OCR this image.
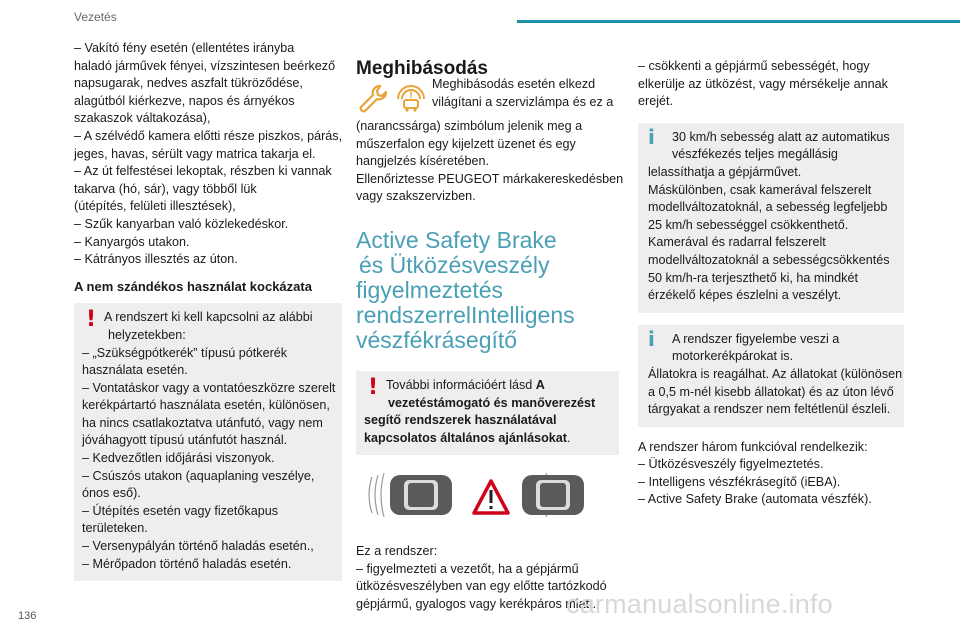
Vezetés
– Vakító fény esetén (ellentétes irányba
haladó járművek fényei, vízszintesen beérkező
napsugarak, nedves aszfalt tükröződése,
alagútból kiérkezve, napos és árnyékos
szakaszok váltakozása),
– A szélvédő kamera előtti része piszkos, párás,
jeges, havas, sérült vagy matrica takarja el.
– Az út felfestései lekoptak, részben ki vannak
takarva (hó, sár), vagy többől lük
(útépítés, felületi illesztések),
– Szűk kanyarban való közlekedéskor.
– Kanyargós utakon.
– Kátrányos illesztés az úton.
A nem szándékos használat kockázata
! A rendszert ki kell kapcsolni az alábbi
helyzetekben:
– „Szükségpótkerék” típusú pótkerék
használata esetén.
– Vontatáskor vagy a vontatóeszközre szerelt
kerékpártartó használata esetén, különösen,
ha nincs csatlakoztatva utánfutó, vagy nem
jóváhagyott típusú utánfutót használ.
– Kedvezőtlen időjárási viszonyok.
– Csúszós utakon (aquaplaning veszélye,
ónos eső).
– Útépítés esetén vagy fizetőkapus
területeken.
– Versenypályán történő haladás esetén.,
– Mérőpadon történő haladás esetén.
Meghibásodás
!
Meghibásodás esetén elkezd
világítani a szervizlámpa és ez a
(narancssárga) szimbólum jelenik meg a
műszerfalon egy kijelzett üzenet és egy
hangjelzés kíséretében.
Ellenőriztesse PEUGEOT márkakereskedésben
vagy szakszervizben.
Active Safety Brake
és Ütközésveszély
figyelmeztetés
rendszerrelIntelligens
vészfékrásegítő
! További információért lásd A
vezetéstámogató és manőverezést
segítő rendszerek használatával
kapcsolatos általános ajánlásokat.
Ez a rendszer:
– figyelmezteti a vezetőt, ha a gépjármű
ütközésveszélyben van egy előtte tartózkodó
gépjármű, gyalogos vagy kerékpáros miatt.
– csökkenti a gépjármű sebességét, hogy
elkerülje az ütközést, vagy mérsékelje annak
erejét.
i	30 km/h sebesség alatt az automatikus
vészfékezés teljes megállásig
lelassíthatja a gépjárművet.
Máskülönben, csak kamerával felszerelt
modellváltozatoknál, a sebesség legfeljebb
25 km/h sebességgel csökkenthető.
Kamerával és radarral felszerelt
modellváltozatoknál a sebességcsökkentés
50 km/h-ra terjeszthető ki, ha mindkét
érzékelő képes észlelni a veszélyt.
i	A rendszer figyelembe veszi a
motorkerékpárokat is.
Állatokra is reagálhat. Az állatokat (különösen
a 0,5 m-nél kisebb állatokat) és az úton lévő
tárgyakat a rendszer nem feltétlenül észleli.
A rendszer három funkcióval rendelkezik:
– Ütközésveszély figyelmeztetés.
– Intelligens vészfékrásegítő (iEBA).
– Active Safety Brake (automata vészfék).
136	carmanualsonline.info
